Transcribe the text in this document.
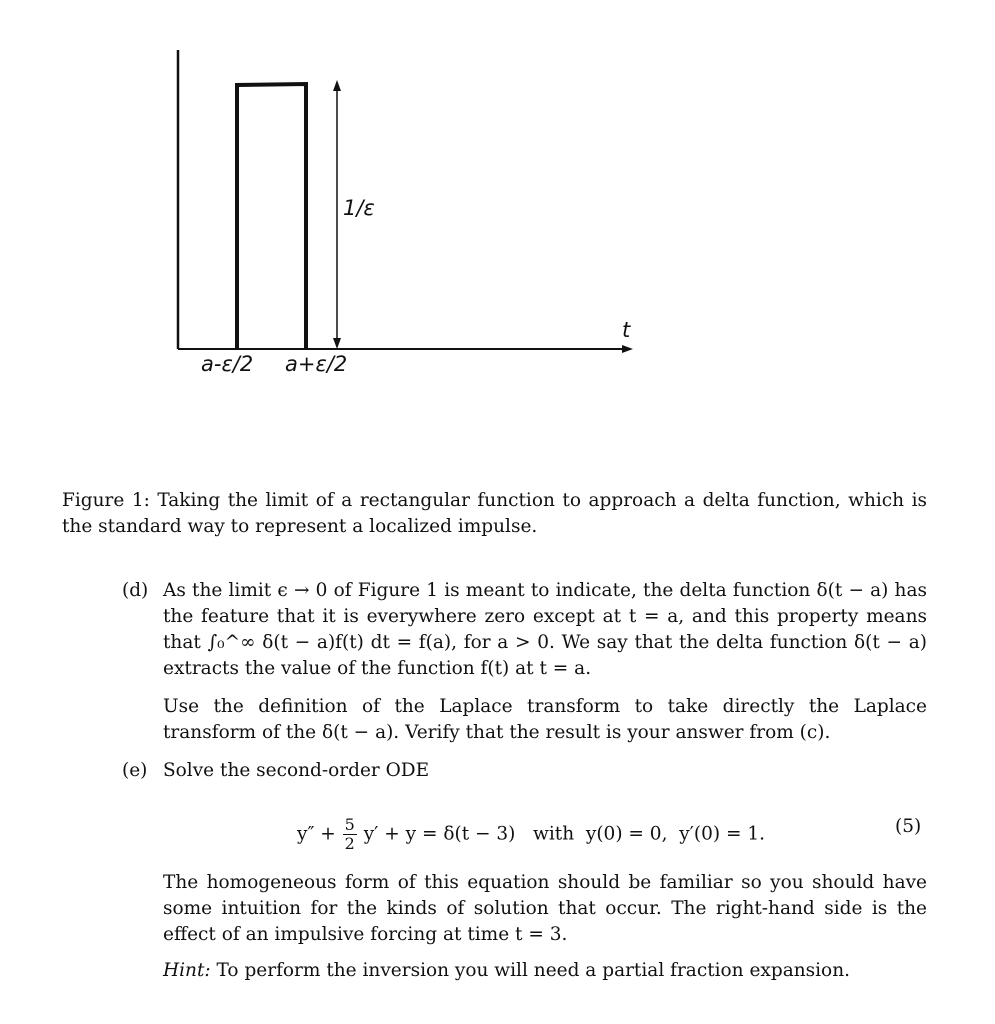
1/ε
t
a-ε/2 a+ε/2
Figure 1: Taking the limit of a rectangular function to approach a delta function, which is the standard way to represent a localized impulse.
(d) As the limit ϵ → 0 of Figure 1 is meant to indicate, the delta function δ(t − a) has the feature that it is everywhere zero except at t = a, and this property means that ∫₀^∞ δ(t − a)f(t) dt = f(a), for a > 0. We say that the delta function δ(t − a) extracts the value of the function f(t) at t = a.
Use the definition of the Laplace transform to take directly the Laplace transform of the δ(t − a). Verify that the result is your answer from (c).
(e) Solve the second-order ODE
$y'' + \frac{5}{2} y' + y = \delta(t - 3)$   with  y(0) = 0,  y′(0) = 1.	(5)
The homogeneous form of this equation should be familiar so you should have some intuition for the kinds of solution that occur. The right-hand side is the effect of an impulsive forcing at time t = 3.
Hint: To perform the inversion you will need a partial fraction expansion.
